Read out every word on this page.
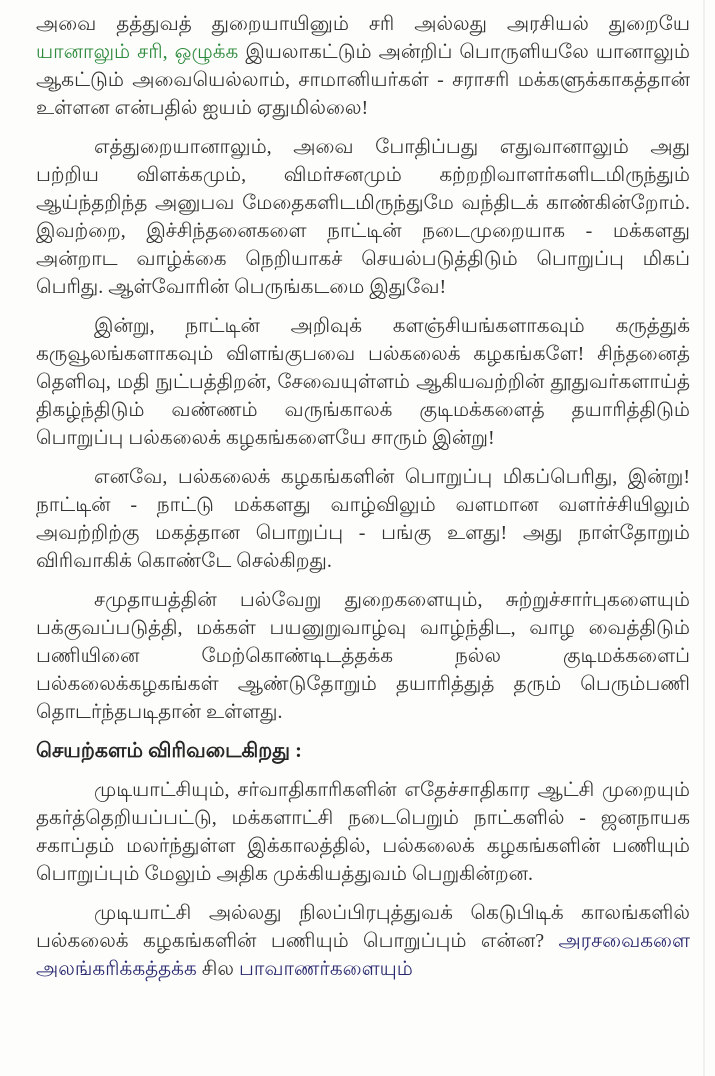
அவை தத்துவத் துறையாயினும் சரி அல்லது அரசியல் துறையே யானாலும் சரி, ஒழுக்க இயலாகட்டும் அன்றிப் பொருளியலே யானாலும் ஆகட்டும் அவையெல்லாம், சாமானியர்கள் - சராசரி மக்களுக்காகத்தான் உள்ளன என்பதில் ஐயம் ஏதுமில்லை!

எத்துறையானாலும், அவை போதிப்பது எதுவானாலும் அது பற்றிய விளக்கமும், விமர்சனமும் கற்றறிவாளர்களிடமிருந்தும் ஆய்ந்தறிந்த அனுபவ மேதைகளிடமிருந்துமே வந்திடக் காண்கின்றோம். இவற்றை, இச்சிந்தனைகளை நாட்டின் நடைமுறையாக - மக்களது அன்றாட வாழ்க்கை நெறியாகச் செயல்படுத்திடும் பொறுப்பு மிகப் பெரிது. ஆள்வோரின் பெருங்கடமை இதுவே!

இன்று, நாட்டின் அறிவுக் களஞ்சியங்களாகவும் கருத்துக் கருவூலங்களாகவும் விளங்குபவை பல்கலைக் கழகங்களே! சிந்தனைத் தெளிவு, மதி நுட்பத்திறன், சேவையுள்ளம் ஆகியவற்றின் தூதுவர்களாய்த் திகழ்ந்திடும் வண்ணம் வருங்காலக் குடிமக்களைத் தயாரித்திடும் பொறுப்பு பல்கலைக் கழகங்களையே சாரும் இன்று!

எனவே, பல்கலைக் கழகங்களின் பொறுப்பு மிகப்பெரிது, இன்று! நாட்டின் - நாட்டு மக்களது வாழ்விலும் வளமான வளர்ச்சியிலும் அவற்றிற்கு மகத்தான பொறுப்பு - பங்கு உளது! அது நாள்தோறும் விரிவாகிக் கொண்டே செல்கிறது.

சமுதாயத்தின் பல்வேறு துறைகளையும், சுற்றுச்சார்புகளையும் பக்குவப்படுத்தி, மக்கள் பயனுறுவாழ்வு வாழ்ந்திட, வாழ வைத்திடும் பணியினை மேற்கொண்டிடத்தக்க நல்ல குடிமக்களைப் பல்கலைக்கழகங்கள் ஆண்டுதோறும் தயாரித்துத் தரும் பெரும்பணி தொடர்ந்தபடிதான் உள்ளது.

செயற்களம் விரிவடைகிறது :

முடியாட்சியும், சர்வாதிகாரிகளின் எதேச்சாதிகார ஆட்சி முறையும் தகர்த்தெறியப்பட்டு, மக்களாட்சி நடைபெறும் நாட்களில் - ஜனநாயக சகாப்தம் மலர்ந்துள்ள இக்காலத்தில், பல்கலைக் கழகங்களின் பணியும் பொறுப்பும் மேலும் அதிக முக்கியத்துவம் பெறுகின்றன.

முடியாட்சி அல்லது நிலப்பிரபுத்துவக் கெடுபிடிக் காலங்களில் பல்கலைக் கழகங்களின் பணியும் பொறுப்பும் என்ன? அரசவைகளை அலங்கரிக்கத்தக்க சில பாவாணர்களையும்
